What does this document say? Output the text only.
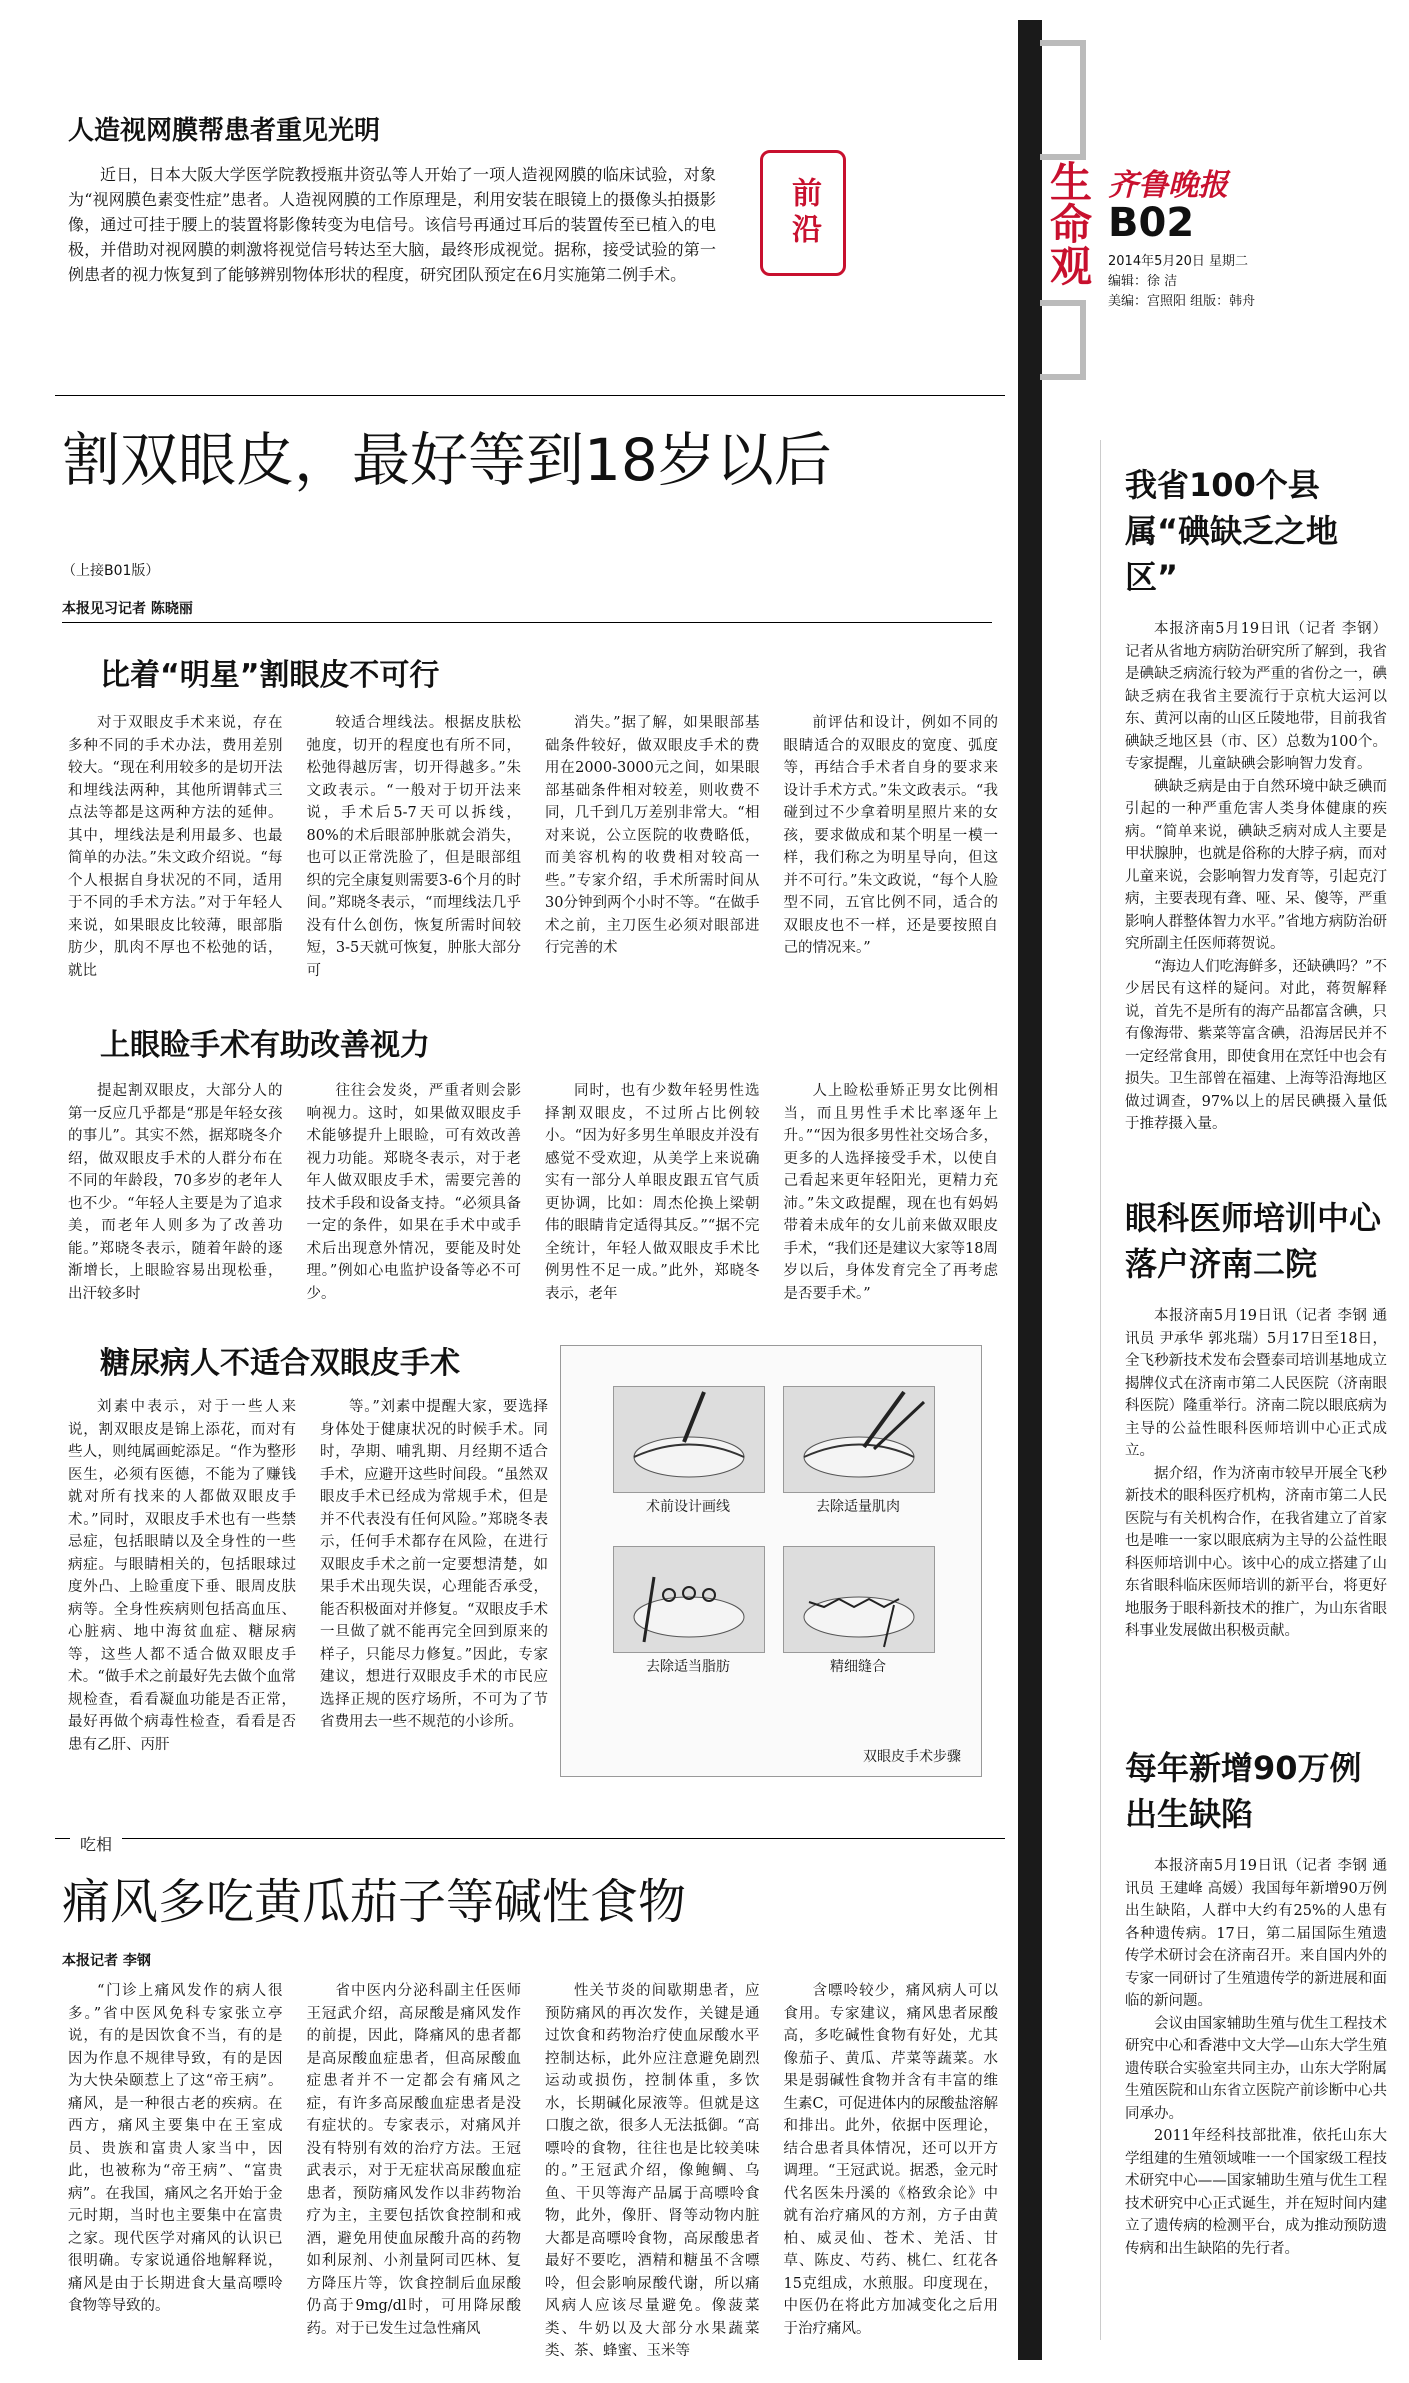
生命观 齐鲁晚报
B02
2014年5月20日 星期二
编辑：徐 洁
美编：宫照阳 组版：韩舟
人造视网膜帮患者重见光明

近日，日本大阪大学医学院教授瓶井资弘等人开始了一项人造视网膜的临床试验，对象为“视网膜色素变性症”患者。人造视网膜的工作原理是，利用安装在眼镜上的摄像头拍摄影像，通过可挂于腰上的装置将影像转变为电信号。该信号再通过耳后的装置传至已植入的电极，并借助对视网膜的刺激将视觉信号转达至大脑，最终形成视觉。据称，接受试验的第一例患者的视力恢复到了能够辨别物体形状的程度，研究团队预定在6月实施第二例手术。

前沿
割双眼皮，最好等到18岁以后
（上接B01版）
本报见习记者 陈晓丽
比着“明星”割眼皮不可行

对于双眼皮手术来说，存在多种不同的手术办法，费用差别较大。“现在利用较多的是切开法和埋线法两种，其他所谓韩式三点法等都是这两种方法的延伸。其中，埋线法是利用最多、也最简单的办法。”朱文政介绍说。“每个人根据自身状况的不同，适用于不同的手术方法。”对于年轻人来说，如果眼皮比较薄，眼部脂肪少，肌肉不厚也不松弛的话，就比

较适合埋线法。根据皮肤松弛度，切开的程度也有所不同，松弛得越厉害，切开得越多。”朱文政表示。“一般对于切开法来说，手术后5-7天可以拆线，80%的术后眼部肿胀就会消失，也可以正常洗脸了，但是眼部组织的完全康复则需要3-6个月的时间。”郑晓冬表示，“而埋线法几乎没有什么创伤，恢复所需时间较短，3-5天就可恢复，肿胀大部分可

消失。”据了解，如果眼部基础条件较好，做双眼皮手术的费用在2000-3000元之间，如果眼部基础条件相对较差，则收费不同，几千到几万差别非常大。“相对来说，公立医院的收费略低，而美容机构的收费相对较高一些。”专家介绍，手术所需时间从30分钟到两个小时不等。“在做手术之前，主刀医生必须对眼部进行完善的术

前评估和设计，例如不同的眼睛适合的双眼皮的宽度、弧度等，再结合手术者自身的要求来设计手术方式。”朱文政表示。“我碰到过不少拿着明星照片来的女孩，要求做成和某个明星一模一样，我们称之为明星导向，但这并不可行。”朱文政说，“每个人脸型不同，五官比例不同，适合的双眼皮也不一样，还是要按照自己的情况来。”

上眼睑手术有助改善视力

提起割双眼皮，大部分人的第一反应几乎都是“那是年轻女孩的事儿”。其实不然，据郑晓冬介绍，做双眼皮手术的人群分布在不同的年龄段，70多岁的老年人也不少。“年轻人主要是为了追求美，而老年人则多为了改善功能。”郑晓冬表示，随着年龄的逐渐增长，上眼睑容易出现松垂，出汗较多时

往往会发炎，严重者则会影响视力。这时，如果做双眼皮手术能够提升上眼睑，可有效改善视力功能。郑晓冬表示，对于老年人做双眼皮手术，需要完善的技术手段和设备支持。“必须具备一定的条件，如果在手术中或手术后出现意外情况，要能及时处理。”例如心电监护设备等必不可少。

同时，也有少数年轻男性选择割双眼皮，不过所占比例较小。“因为好多男生单眼皮并没有感觉不受欢迎，从美学上来说确实有一部分人单眼皮跟五官气质更协调，比如：周杰伦换上梁朝伟的眼睛肯定适得其反。”“据不完全统计，年轻人做双眼皮手术比例男性不足一成。”此外，郑晓冬表示，老年

人上睑松垂矫正男女比例相当，而且男性手术比率逐年上升。”“因为很多男性社交场合多，更多的人选择接受手术，以使自己看起来更年轻阳光，更精力充沛。”朱文政提醒，现在也有妈妈带着未成年的女儿前来做双眼皮手术，“我们还是建议大家等18周岁以后，身体发育完全了再考虑是否要手术。”

糖尿病人不适合双眼皮手术

刘素中表示，对于一些人来说，割双眼皮是锦上添花，而对有些人，则纯属画蛇添足。“作为整形医生，必须有医德，不能为了赚钱就对所有找来的人都做双眼皮手术。”同时，双眼皮手术也有一些禁忌症，包括眼睛以及全身性的一些病症。与眼睛相关的，包括眼球过度外凸、上睑重度下垂、眼周皮肤病等。全身性疾病则包括高血压、心脏病、地中海贫血症、糖尿病等，这些人都不适合做双眼皮手术。“做手术之前最好先去做个血常规检查，看看凝血功能是否正常，最好再做个病毒性检查，看看是否患有乙肝、丙肝

等。”刘素中提醒大家，要选择身体处于健康状况的时候手术。同时，孕期、哺乳期、月经期不适合手术，应避开这些时间段。“虽然双眼皮手术已经成为常规手术，但是并不代表没有任何风险。”郑晓冬表示，任何手术都存在风险，在进行双眼皮手术之前一定要想清楚，如果手术出现失误，心理能否承受，能否积极面对并修复。“双眼皮手术一旦做了就不能再完全回到原来的样子，只能尽力修复。”因此，专家建议，想进行双眼皮手术的市民应选择正规的医疗场所，不可为了节省费用去一些不规范的小诊所。

术前设计画线	去除适量肌肉
去除适当脂肪	精细缝合
双眼皮手术步骤
吃相
痛风多吃黄瓜茄子等碱性食物
本报记者 李钢

“门诊上痛风发作的病人很多。”省中医风免科专家张立亭说，有的是因饮食不当，有的是因为作息不规律导致，有的是因为大快朵颐惹上了这“帝王病”。痛风，是一种很古老的疾病。在西方，痛风主要集中在王室成员、贵族和富贵人家当中，因此，也被称为“帝王病”、“富贵病”。在我国，痛风之名开始于金元时期，当时也主要集中在富贵之家。现代医学对痛风的认识已很明确。专家说通俗地解释说，痛风是由于长期进食大量高嘌呤食物等导致的。

省中医内分泌科副主任医师王冠武介绍，高尿酸是痛风发作的前提，因此，降痛风的患者都是高尿酸血症患者，但高尿酸血症患者并不一定都会有痛风之症，有许多高尿酸血症患者是没有症状的。专家表示，对痛风并没有特别有效的治疗方法。王冠武表示，对于无症状高尿酸血症患者，预防痛风发作以非药物治疗为主，主要包括饮食控制和戒酒，避免用使血尿酸升高的药物如利尿剂、小剂量阿司匹林、复方降压片等，饮食控制后血尿酸仍高于9mg/dl时，可用降尿酸药。对于已发生过急性痛风

性关节炎的间歇期患者，应预防痛风的再次发作，关键是通过饮食和药物治疗使血尿酸水平控制达标，此外应注意避免剧烈运动或损伤，控制体重，多饮水，长期碱化尿液等。但就是这口腹之欲，很多人无法抵御。“高嘌呤的食物，往往也是比较美味的。”王冠武介绍，像鲍鲷、乌鱼、干贝等海产品属于高嘌呤食物，此外，像肝、肾等动物内脏大都是高嘌呤食物，高尿酸患者最好不要吃，酒精和糖虽不含嘌呤，但会影响尿酸代谢，所以痛风病人应该尽量避免。像菠菜类、牛奶以及大部分水果蔬菜类、茶、蜂蜜、玉米等

含嘌呤较少，痛风病人可以食用。专家建议，痛风患者尿酸高，多吃碱性食物有好处，尤其像茄子、黄瓜、芹菜等蔬菜。水果是弱碱性食物并含有丰富的维生素C，可促进体内的尿酸盐溶解和排出。此外，依据中医理论，结合患者具体情况，还可以开方调理。“王冠武说。据悉，金元时代名医朱丹溪的《格致余论》中就有治疗痛风的方剂，方子由黄柏、威灵仙、苍术、羌活、甘草、陈皮、芍药、桃仁、红花各15克组成，水煎服。印度现在，中医仍在将此方加减变化之后用于治疗痛风。

我省100个县
属“碘缺乏之地区”

本报济南5月19日讯（记者 李钢）记者从省地方病防治研究所了解到，我省是碘缺乏病流行较为严重的省份之一，碘缺乏病在我省主要流行于京杭大运河以东、黄河以南的山区丘陵地带，目前我省碘缺乏地区县（市、区）总数为100个。专家提醒，儿童缺碘会影响智力发育。

碘缺乏病是由于自然环境中缺乏碘而引起的一种严重危害人类身体健康的疾病。“简单来说，碘缺乏病对成人主要是甲状腺肿，也就是俗称的大脖子病，而对儿童来说，会影响智力发育等，引起克汀病，主要表现有聋、哑、呆、傻等，严重影响人群整体智力水平。”省地方病防治研究所副主任医师蒋贺说。

“海边人们吃海鲜多，还缺碘吗？”不少居民有这样的疑问。对此，蒋贺解释说，首先不是所有的海产品都富含碘，只有像海带、紫菜等富含碘，沿海居民并不一定经常食用，即使食用在烹饪中也会有损失。卫生部曾在福建、上海等沿海地区做过调查，97%以上的居民碘摄入量低于推荐摄入量。

眼科医师培训中心
落户济南二院

本报济南5月19日讯（记者 李钢 通讯员 尹承华 郭兆瑞）5月17日至18日，全飞秒新技术发布会暨泰司培训基地成立揭牌仪式在济南市第二人民医院（济南眼科医院）隆重举行。济南二院以眼底病为主导的公益性眼科医师培训中心正式成立。

据介绍，作为济南市较早开展全飞秒新技术的眼科医疗机构，济南市第二人民医院与有关机构合作，在我省建立了首家也是唯一一家以眼底病为主导的公益性眼科医师培训中心。该中心的成立搭建了山东省眼科临床医师培训的新平台，将更好地服务于眼科新技术的推广，为山东省眼科事业发展做出积极贡献。

每年新增90万例
出生缺陷

本报济南5月19日讯（记者 李钢 通讯员 王建峰 高媛）我国每年新增90万例出生缺陷，人群中大约有25%的人患有各种遗传病。17日，第二届国际生殖遗传学术研讨会在济南召开。来自国内外的专家一同研讨了生殖遗传学的新进展和面临的新问题。

会议由国家辅助生殖与优生工程技术研究中心和香港中文大学—山东大学生殖遗传联合实验室共同主办，山东大学附属生殖医院和山东省立医院产前诊断中心共同承办。

2011年经科技部批准，依托山东大学组建的生殖领域唯一一个国家级工程技术研究中心——国家辅助生殖与优生工程技术研究中心正式诞生，并在短时间内建立了遗传病的检测平台，成为推动预防遗传病和出生缺陷的先行者。
